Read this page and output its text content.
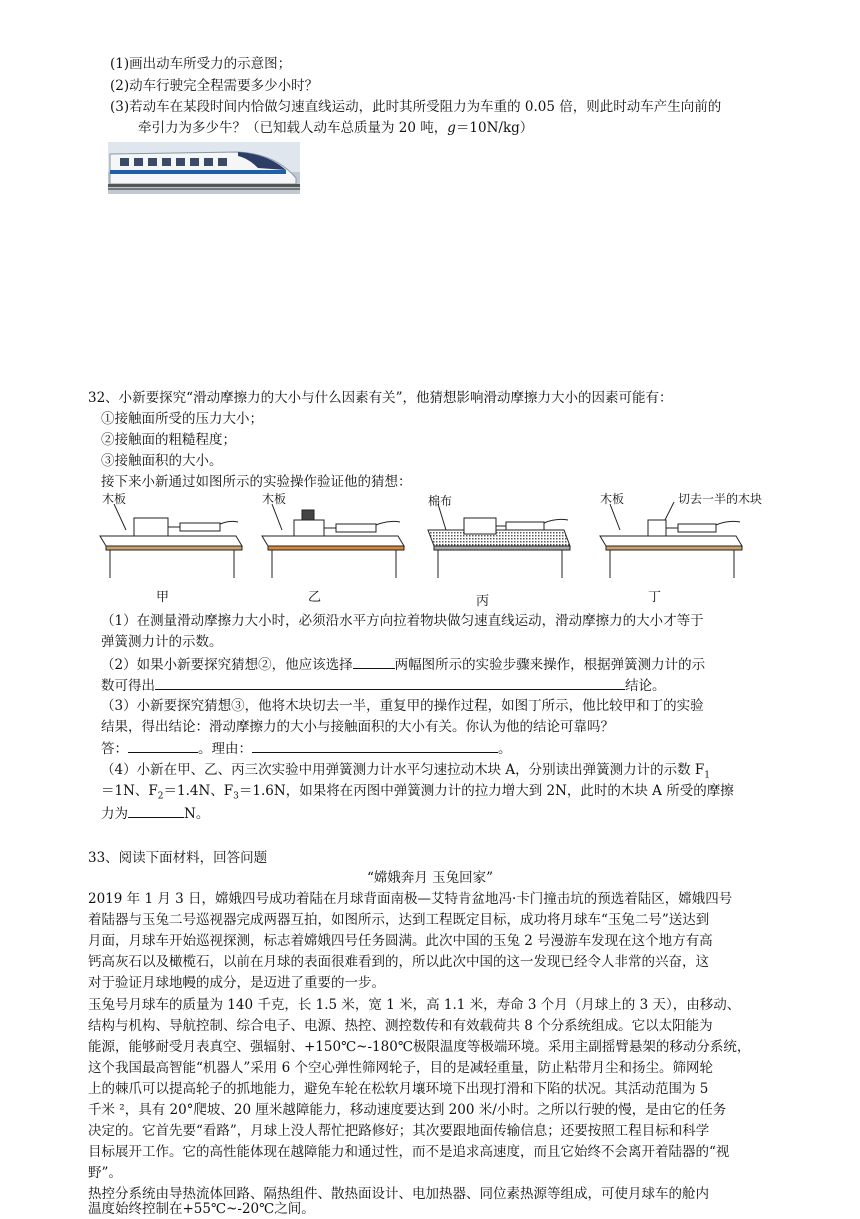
(1)画出动车所受力的示意图；
(2)动车行驶完全程需要多少小时？
(3)若动车在某段时间内恰做匀速直线运动，此时其所受阻力为车重的 0.05 倍，则此时动车产生向前的
牵引力为多少牛？（已知载人动车总质量为 20 吨，g＝10N/kg）
32、小新要探究“滑动摩擦力的大小与什么因素有关”，他猜想影响滑动摩擦力大小的因素可能有：
①接触面所受的压力大小；
②接触面的粗糙程度；
③接触面积的大小。
接下来小新通过如图所示的实验操作验证他的猜想：
木板
甲
木板
乙
棉布
丙
木板	切去一半的木块
丁
（1）在测量滑动摩擦力大小时，必须沿水平方向拉着物块做匀速直线运动，滑动摩擦力的大小才等于
弹簧测力计的示数。
（2）如果小新要探究猜想②，他应该选择	两幅图所示的实验步骤来操作，根据弹簧测力计的示
数可得出	结论。
（3）小新要探究猜想③，他将木块切去一半，重复甲的操作过程，如图丁所示，他比较甲和丁的实验
结果，得出结论：滑动摩擦力的大小与接触面积的大小有关。你认为他的结论可靠吗？
答：	。理由：	。
（4）小新在甲、乙、丙三次实验中用弹簧测力计水平匀速拉动木块 A，分别读出弹簧测力计的示数 $F_1$
＝1N、$F_2=1.4N$、$F_3=1.6N$，如果将在丙图中弹簧测力计的拉力增大到 2N，此时的木块 A 所受的摩擦
力为	N。
33、阅读下面材料，回答问题
“嫦娥奔月 玉兔回家”
2019 年 1 月 3 日，嫦娥四号成功着陆在月球背面南极—艾特肯盆地冯·卡门撞击坑的预选着陆区，嫦娥四号
着陆器与玉兔二号巡视器完成两器互拍，如图所示，达到工程既定目标，成功将月球车“玉兔二号”送达到
月面，月球车开始巡视探测，标志着嫦娥四号任务圆满。此次中国的玉兔 2 号漫游车发现在这个地方有高
钙高灰石以及橄榄石，以前在月球的表面很难看到的，所以此次中国的这一发现已经令人非常的兴奋，这
对于验证月球地幔的成分，是迈进了重要的一步。
玉兔号月球车的质量为 140 千克，长 1.5 米，宽 1 米，高 1.1 米，寿命 3 个月（月球上的 3 天），由移动、
结构与机构、导航控制、综合电子、电源、热控、测控数传和有效载荷共 8 个分系统组成。它以太阳能为
能源，能够耐受月表真空、强辐射、+150℃~-180℃极限温度等极端环境。采用主副摇臂悬架的移动分系统，
这个我国最高智能“机器人”采用 6 个空心弹性筛网轮子，目的是减轻重量，防止粘带月尘和扬尘。筛网轮
上的棘爪可以提高轮子的抓地能力，避免车轮在松软月壤环境下出现打滑和下陷的状况。其活动范围为 5
千米 ²，具有 20°爬坡、20 厘米越障能力，移动速度要达到 200 米/小时。之所以行驶的慢，是由它的任务
决定的。它首先要“看路”，月球上没人帮忙把路修好；其次要跟地面传输信息；还要按照工程目标和科学
目标展开工作。它的高性能体现在越障能力和通过性，而不是追求高速度，而且它始终不会离开着陆器的“视
野”。
热控分系统由导热流体回路、隔热组件、散热面设计、电加热器、同位素热源等组成，可使月球车的舱内
温度始终控制在+55℃~-20℃之间。
